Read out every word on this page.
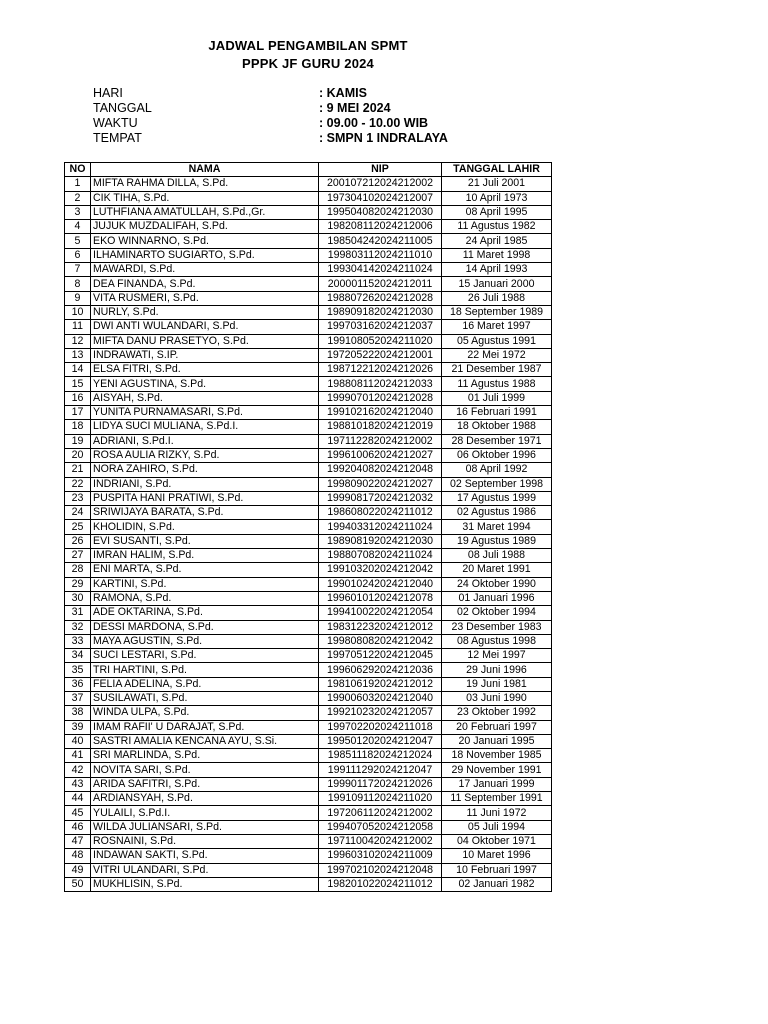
JADWAL PENGAMBILAN SPMT
PPPK JF GURU 2024
HARI	: KAMIS
TANGGAL	: 9 MEI 2024
WAKTU	: 09.00 - 10.00 WIB
TEMPAT	: SMPN 1 INDRALAYA
NO	NAMA	NIP	TANGGAL LAHIR
1	MIFTA RAHMA DILLA, S.Pd.	200107212024212002	21 Juli 2001
2	CIK TIHA, S.Pd.	197304102024212007	10 April 1973
3	LUTHFIANA AMATULLAH, S.Pd.,Gr.	199504082024212030	08 April 1995
4	JUJUK MUZDALIFAH, S.Pd.	198208112024212006	11 Agustus 1982
5	EKO WINNARNO, S.Pd.	198504242024211005	24 April 1985
6	ILHAMINARTO SUGIARTO, S.Pd.	199803112024211010	11 Maret 1998
7	MAWARDI, S.Pd.	199304142024211024	14 April 1993
8	DEA FINANDA, S.Pd.	200001152024212011	15 Januari 2000
9	VITA RUSMERI, S.Pd.	198807262024212028	26 Juli 1988
10	NURLY, S.Pd.	198909182024212030	18 September 1989
11	DWI ANTI WULANDARI, S.Pd.	199703162024212037	16 Maret 1997
12	MIFTA DANU PRASETYO, S.Pd.	199108052024211020	05 Agustus 1991
13	INDRAWATI, S.IP.	197205222024212001	22 Mei 1972
14	ELSA FITRI, S.Pd.	198712212024212026	21 Desember 1987
15	YENI AGUSTINA, S.Pd.	198808112024212033	11 Agustus 1988
16	AISYAH, S.Pd.	199907012024212028	01 Juli 1999
17	YUNITA PURNAMASARI, S.Pd.	199102162024212040	16 Februari 1991
18	LIDYA SUCI MULIANA, S.Pd.I.	198810182024212019	18 Oktober 1988
19	ADRIANI, S.Pd.I.	197112282024212002	28 Desember 1971
20	ROSA AULIA RIZKY, S.Pd.	199610062024212027	06 Oktober 1996
21	NORA ZAHIRO, S.Pd.	199204082024212048	08 April 1992
22	INDRIANI, S.Pd.	199809022024212027	02 September 1998
23	PUSPITA HANI PRATIWI, S.Pd.	199908172024212032	17 Agustus 1999
24	SRIWIJAYA BARATA, S.Pd.	198608022024211012	02 Agustus 1986
25	KHOLIDIN, S.Pd.	199403312024211024	31 Maret 1994
26	EVI SUSANTI, S.Pd.	198908192024212030	19 Agustus 1989
27	IMRAN HALIM, S.Pd.	198807082024211024	08 Juli 1988
28	ENI MARTA, S.Pd.	199103202024212042	20 Maret 1991
29	KARTINI, S.Pd.	199010242024212040	24 Oktober 1990
30	RAMONA, S.Pd.	199601012024212078	01 Januari 1996
31	ADE OKTARINA, S.Pd.	199410022024212054	02 Oktober 1994
32	DESSI MARDONA, S.Pd.	198312232024212012	23 Desember 1983
33	MAYA AGUSTIN, S.Pd.	199808082024212042	08 Agustus 1998
34	SUCI LESTARI, S.Pd.	199705122024212045	12 Mei 1997
35	TRI HARTINI, S.Pd.	199606292024212036	29 Juni 1996
36	FELIA ADELINA, S.Pd.	198106192024212012	19 Juni 1981
37	SUSILAWATI, S.Pd.	199006032024212040	03 Juni 1990
38	WINDA ULPA, S.Pd.	199210232024212057	23 Oktober 1992
39	IMAM RAFII' U DARAJAT, S.Pd.	199702202024211018	20 Februari 1997
40	SASTRI AMALIA KENCANA AYU, S.Si.	199501202024212047	20 Januari 1995
41	SRI MARLINDA, S.Pd.	198511182024212024	18 November 1985
42	NOVITA SARI, S.Pd.	199111292024212047	29 November 1991
43	ARIDA SAFITRI, S.Pd.	199901172024212026	17 Januari 1999
44	ARDIANSYAH, S.Pd.	199109112024211020	11 September 1991
45	YULAILI, S.Pd.I.	197206112024212002	11 Juni 1972
46	WILDA JULIANSARI, S.Pd.	199407052024212058	05 Juli 1994
47	ROSNAINI, S.Pd.	197110042024212002	04 Oktober 1971
48	INDAWAN SAKTI, S.Pd.	199603102024211009	10 Maret 1996
49	VITRI ULANDARI, S.Pd.	199702102024212048	10 Februari 1997
50	MUKHLISIN, S.Pd.	198201022024211012	02 Januari 1982
